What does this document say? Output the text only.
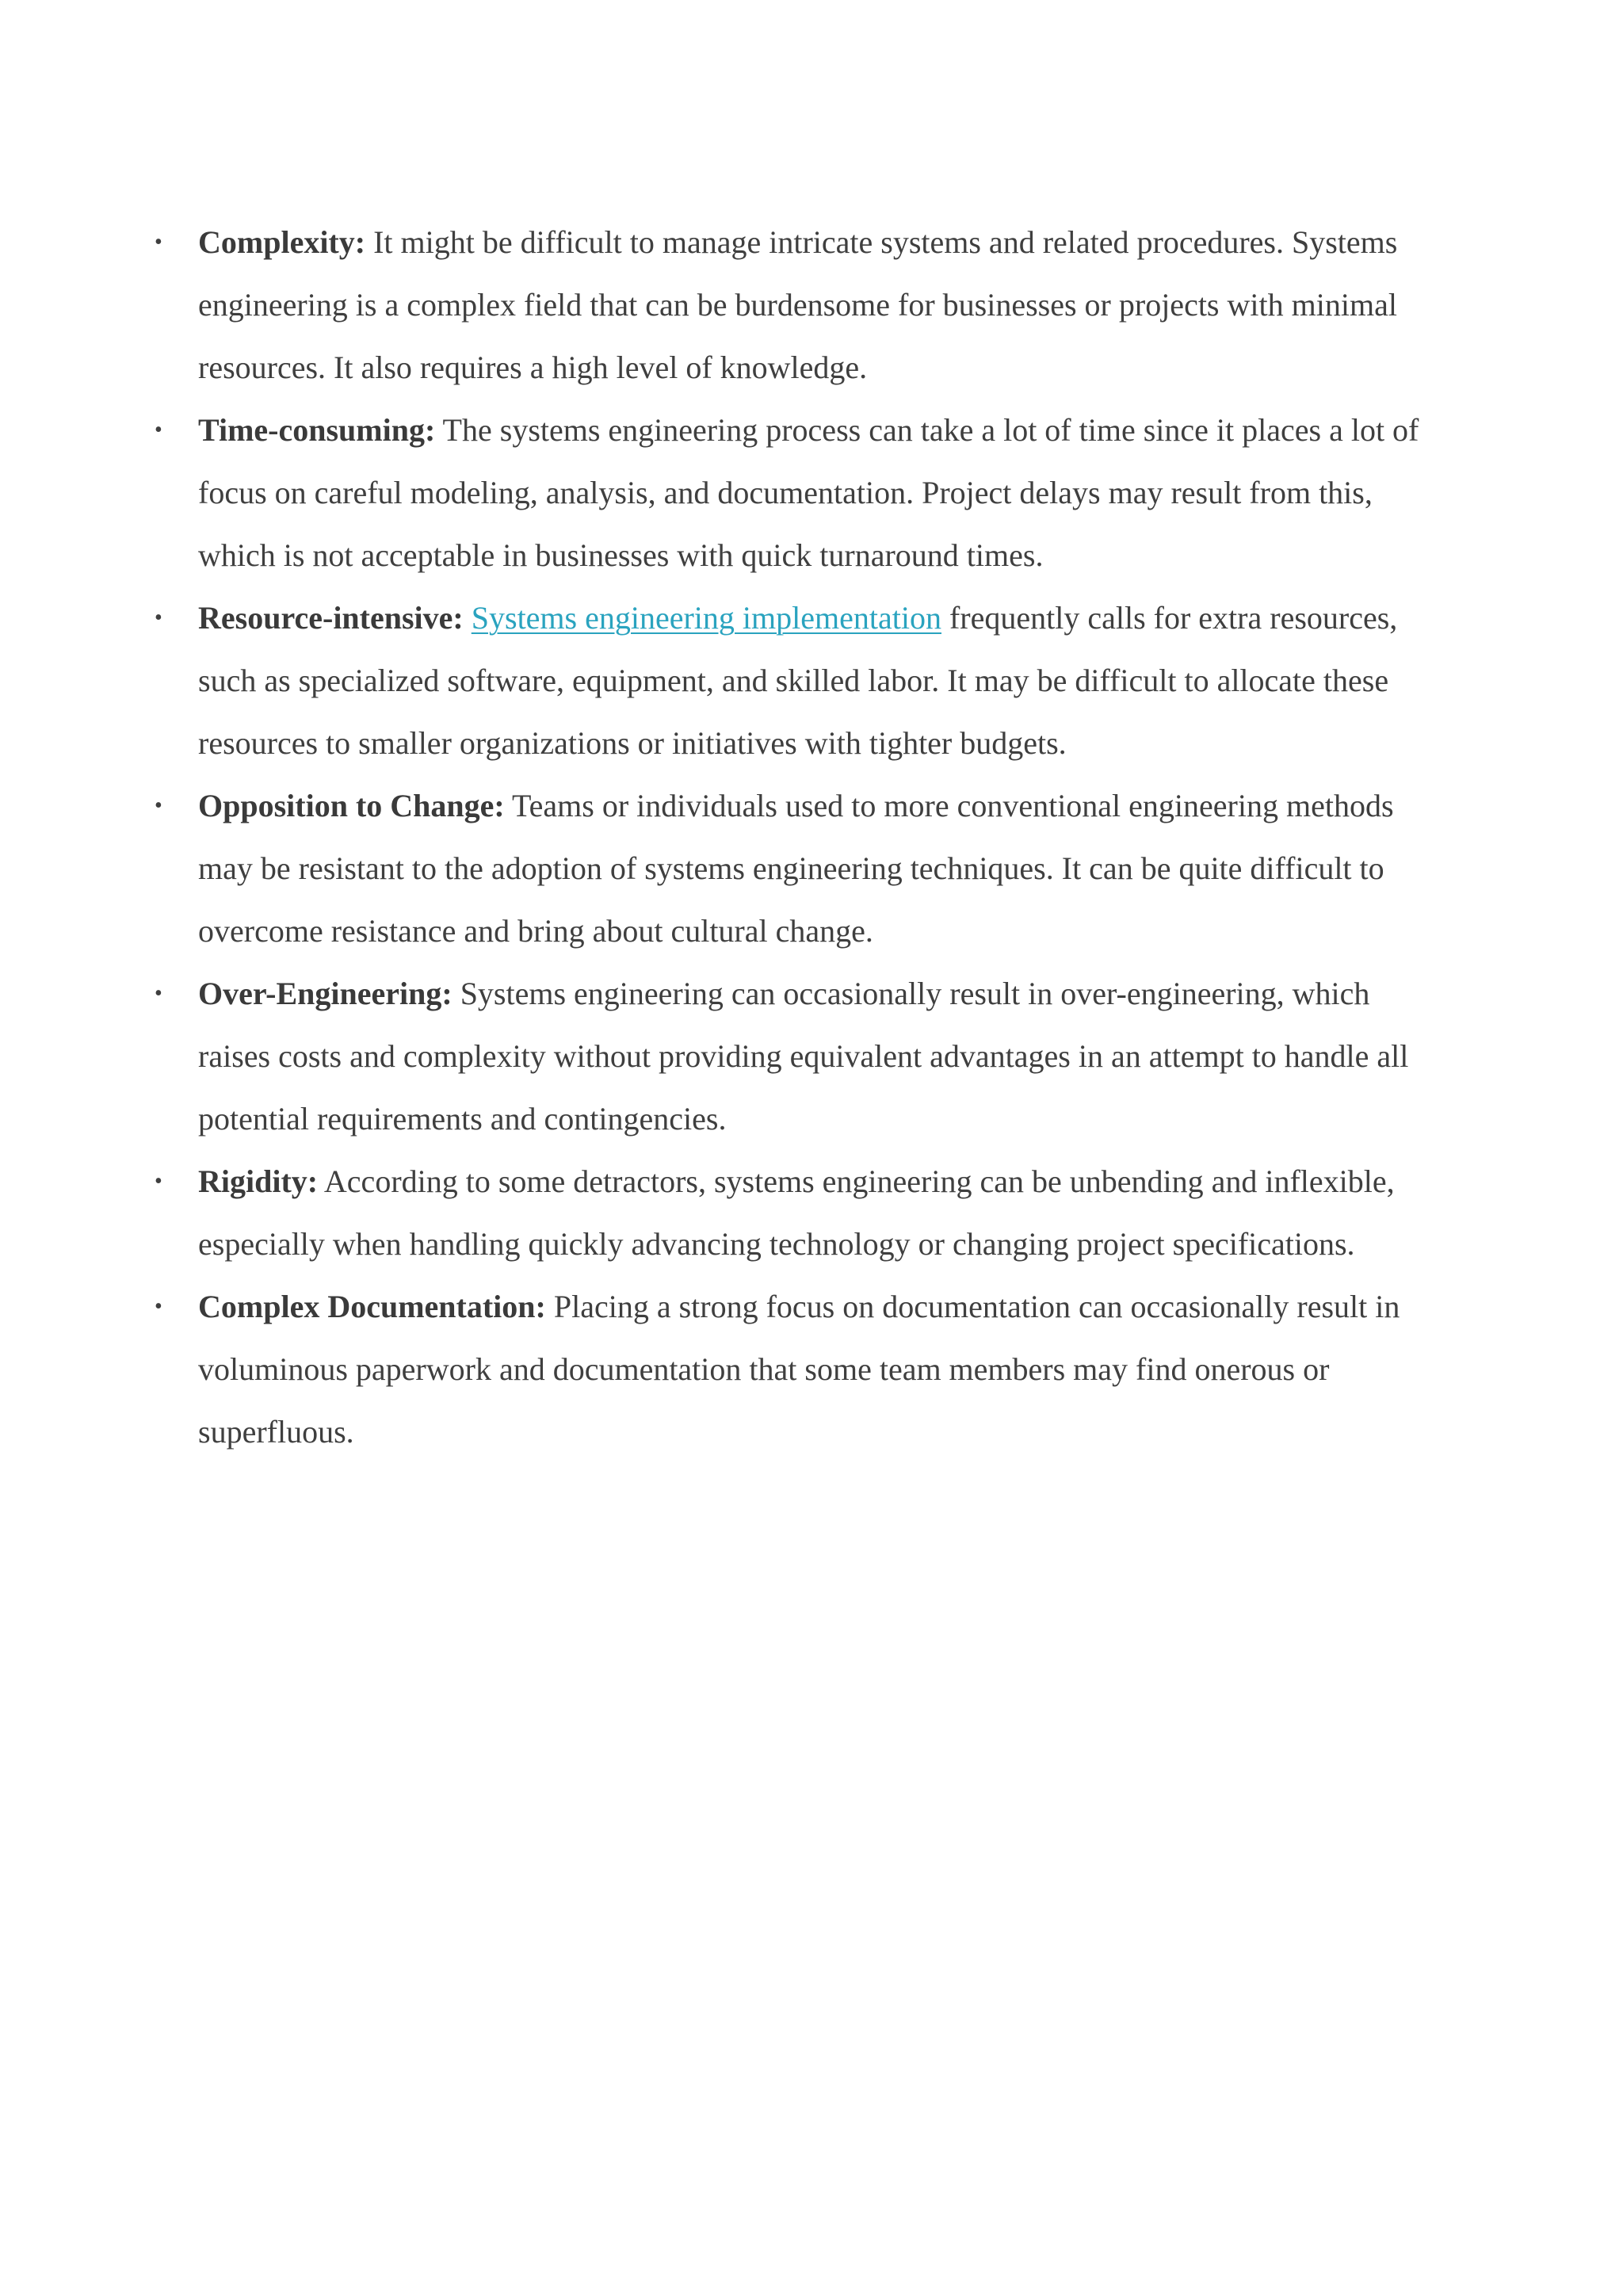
• Complexity: It might be difficult to manage intricate systems and related procedures. Systems engineering is a complex field that can be burdensome for businesses or projects with minimal resources. It also requires a high level of knowledge.
• Time-consuming: The systems engineering process can take a lot of time since it places a lot of focus on careful modeling, analysis, and documentation. Project delays may result from this, which is not acceptable in businesses with quick turnaround times.
• Resource-intensive: Systems engineering implementation frequently calls for extra resources, such as specialized software, equipment, and skilled labor. It may be difficult to allocate these resources to smaller organizations or initiatives with tighter budgets.
• Opposition to Change: Teams or individuals used to more conventional engineering methods may be resistant to the adoption of systems engineering techniques. It can be quite difficult to overcome resistance and bring about cultural change.
• Over-Engineering: Systems engineering can occasionally result in over-engineering, which raises costs and complexity without providing equivalent advantages in an attempt to handle all potential requirements and contingencies.
• Rigidity: According to some detractors, systems engineering can be unbending and inflexible, especially when handling quickly advancing technology or changing project specifications.
• Complex Documentation: Placing a strong focus on documentation can occasionally result in voluminous paperwork and documentation that some team members may find onerous or superfluous.
